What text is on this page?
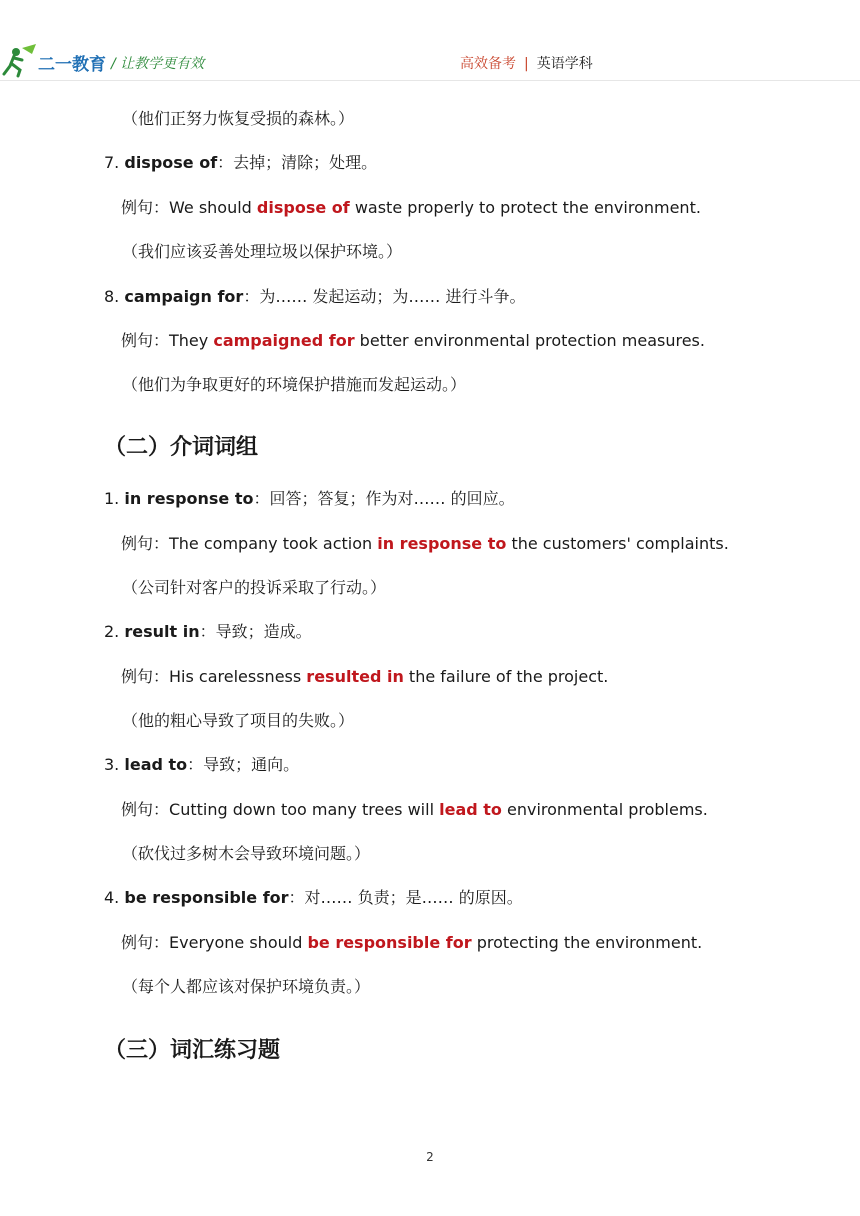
二一教育 / 让教学更有效	高效备考 | 英语学科
（他们正努力恢复受损的森林。）
7. dispose of：去掉；清除；处理。
例句：We should dispose of waste properly to protect the environment.
（我们应该妥善处理垃圾以保护环境。）
8. campaign for：为…… 发起运动；为…… 进行斗争。
例句：They campaigned for better environmental protection measures.
（他们为争取更好的环境保护措施而发起运动。）
（二）介词词组
1. in response to：回答；答复；作为对…… 的回应。
例句：The company took action in response to the customers' complaints.
（公司针对客户的投诉采取了行动。）
2. result in：导致；造成。
例句：His carelessness resulted in the failure of the project.
（他的粗心导致了项目的失败。）
3. lead to：导致；通向。
例句：Cutting down too many trees will lead to environmental problems.
（砍伐过多树木会导致环境问题。）
4. be responsible for：对…… 负责；是…… 的原因。
例句：Everyone should be responsible for protecting the environment.
（每个人都应该对保护环境负责。）
（三）词汇练习题
2
